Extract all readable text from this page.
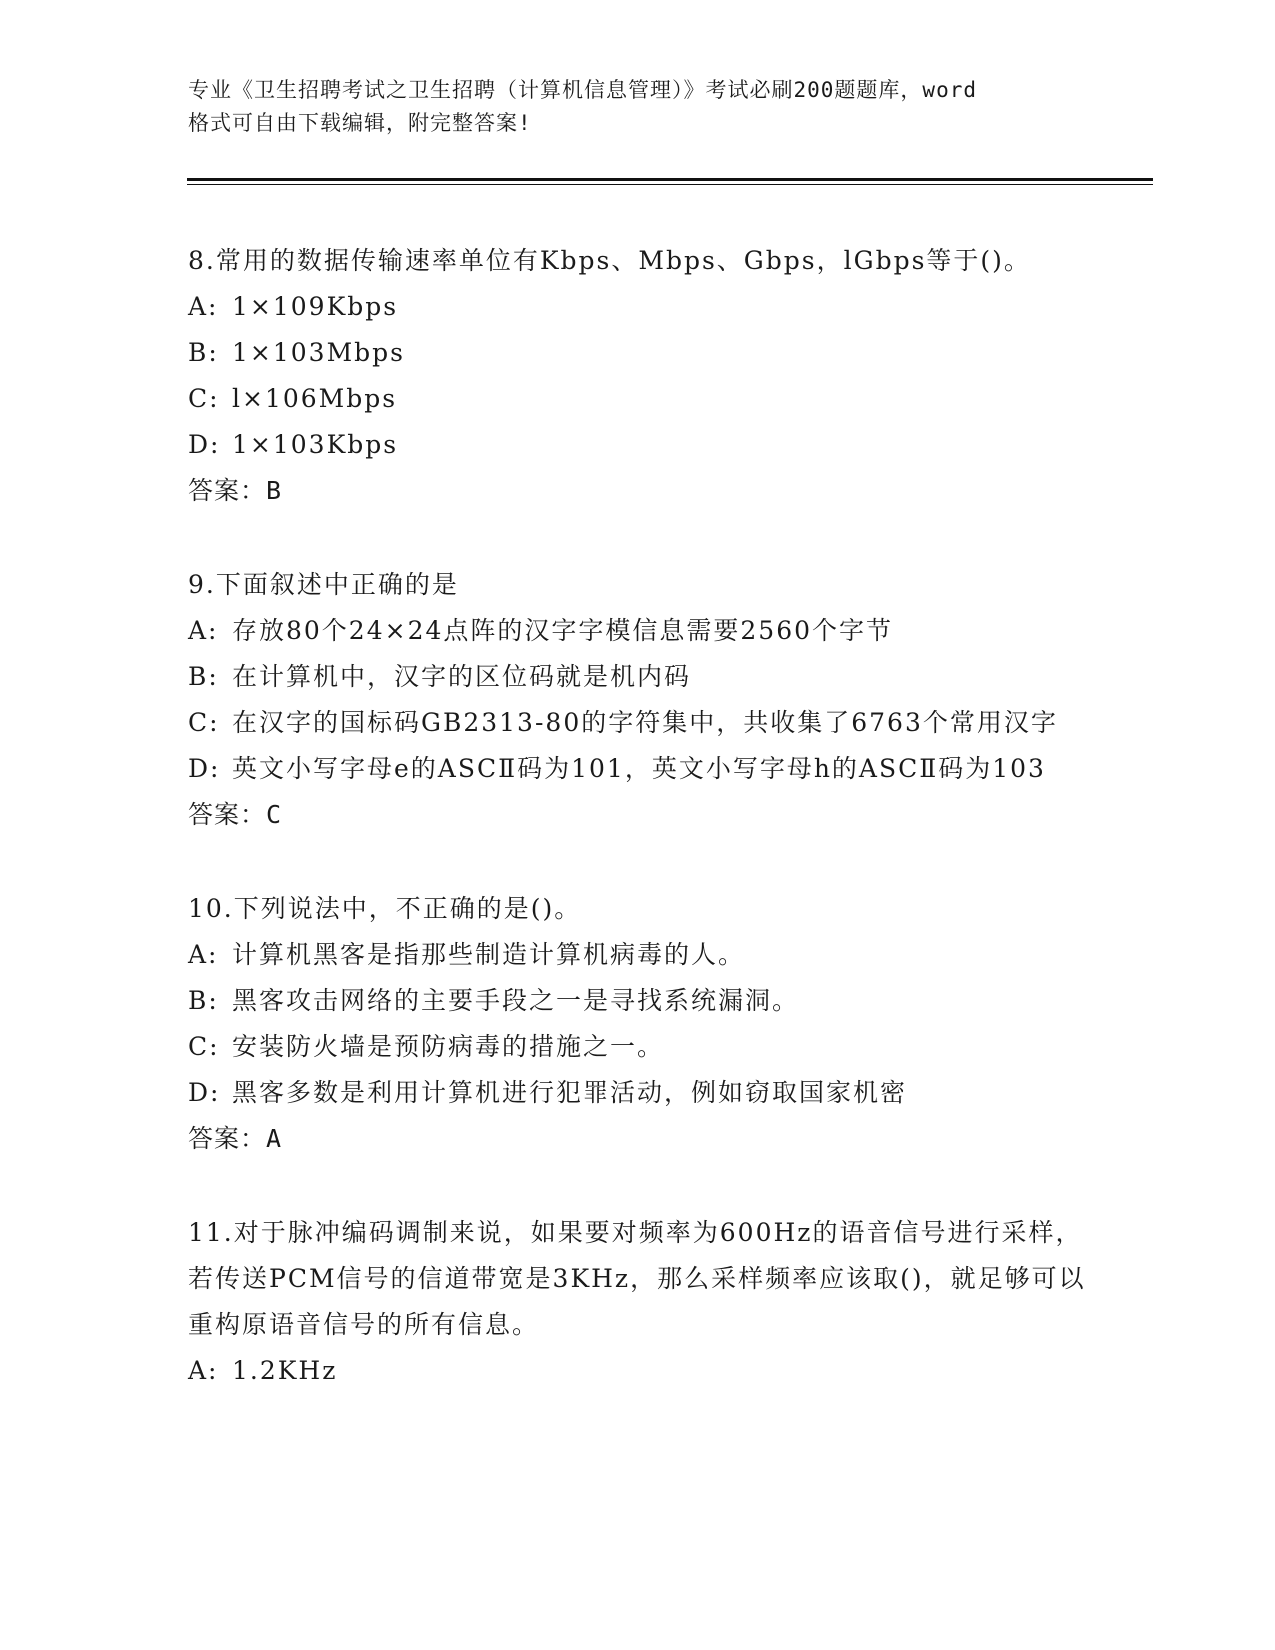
专业《卫生招聘考试之卫生招聘（计算机信息管理）》考试必刷200题题库，word
格式可自由下载编辑，附完整答案!
8.常用的数据传输速率单位有Kbps、Mbps、Gbps，lGbps等于()。
A: 1×109Kbps
B: 1×103Mbps
C: l×106Mbps
D: 1×103Kbps
答案：B
9.下面叙述中正确的是
A: 存放80个24×24点阵的汉字字模信息需要2560个字节
B: 在计算机中，汉字的区位码就是机内码
C: 在汉字的国标码GB2313-80的字符集中，共收集了6763个常用汉字
D: 英文小写字母e的ASCⅡ码为101，英文小写字母h的ASCⅡ码为103
答案：C
10.下列说法中，不正确的是()。
A: 计算机黑客是指那些制造计算机病毒的人。
B: 黑客攻击网络的主要手段之一是寻找系统漏洞。
C: 安装防火墙是预防病毒的措施之一。
D: 黑客多数是利用计算机进行犯罪活动，例如窃取国家机密
答案：A
11.对于脉冲编码调制来说，如果要对频率为600Hz的语音信号进行采样，若传送PCM信号的信道带宽是3KHz，那么采样频率应该取()，就足够可以重构原语音信号的所有信息。
A: 1.2KHz
